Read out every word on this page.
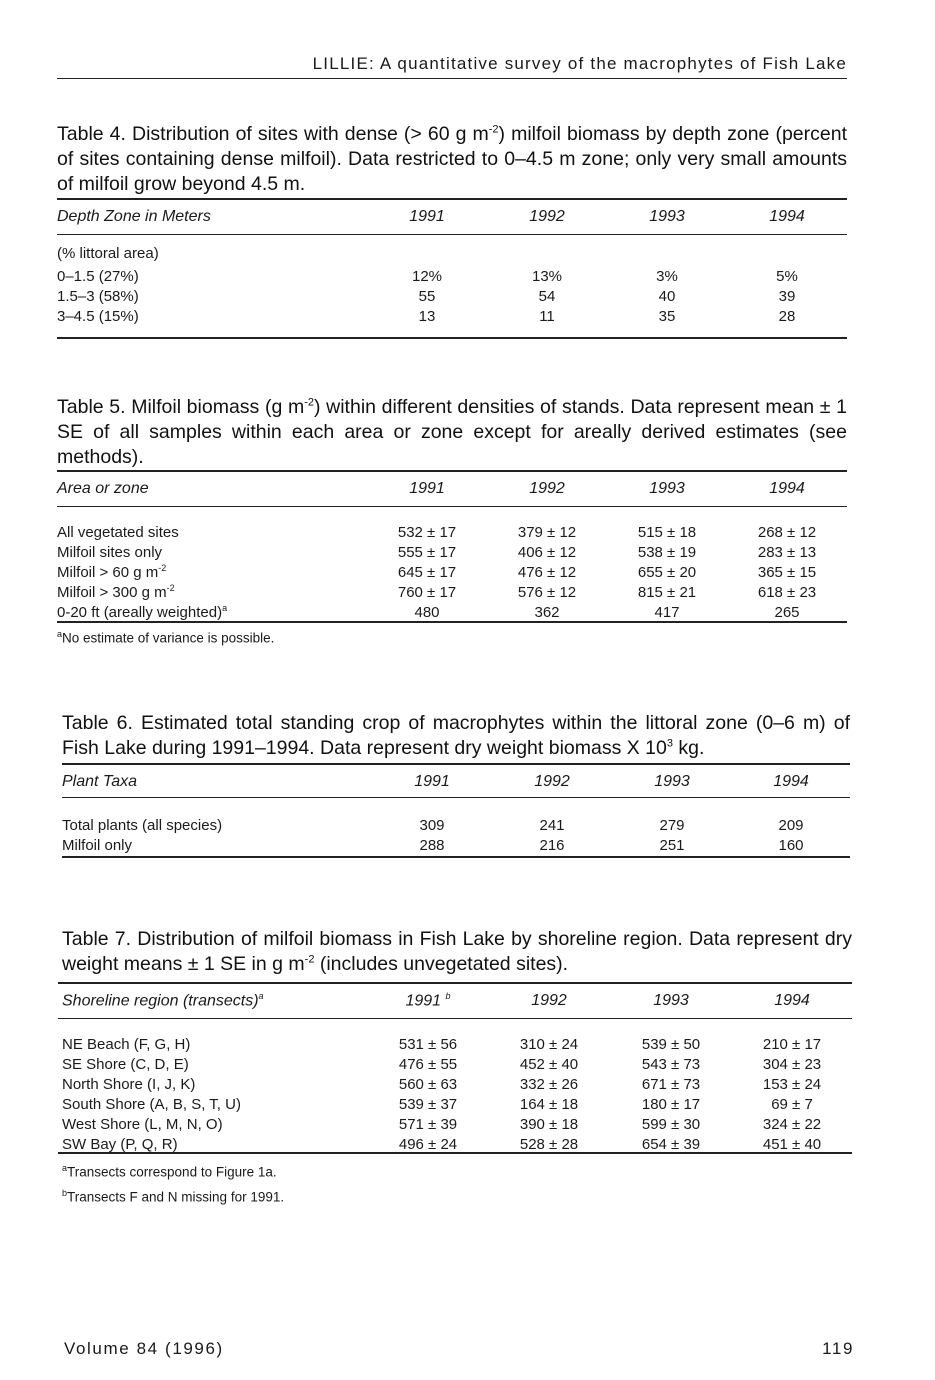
LILLIE: A quantitative survey of the macrophytes of Fish Lake
Table 4. Distribution of sites with dense (> 60 g $m^{-2}$) milfoil biomass by depth zone (percent of sites containing dense milfoil). Data restricted to 0–4.5 m zone; only very small amounts of milfoil grow beyond 4.5 m.
Depth Zone in Meters	1991	1992	1993	1994
(% littoral area)				
0–1.5 (27%)	12%	13%	3%	5%
1.5–3 (58%)	55	54	40	39
3–4.5 (15%)	13	11	35	28
Table 5. Milfoil biomass (g $m^{-2}$) within different densities of stands. Data represent mean ± 1 SE of all samples within each area or zone except for areally derived estimates (see methods).
Area or zone	1991	1992	1993	1994

All vegetated sites	532 ± 17	379 ± 12	515 ± 18	268 ± 12
Milfoil sites only	555 ± 17	406 ± 12	538 ± 19	283 ± 13
Milfoil > 60 g $m^{-2}$	645 ± 17	476 ± 12	655 ± 20	365 ± 15
Milfoil > 300 g $m^{-2}$	760 ± 17	576 ± 12	815 ± 21	618 ± 23
0-20 ft (areally weighted)$^a$	480	362	417	265
$^a$No estimate of variance is possible.
Table 6. Estimated total standing crop of macrophytes within the littoral zone (0–6 m) of Fish Lake during 1991–1994. Data represent dry weight biomass X $10^3$ kg.
Plant Taxa	1991	1992	1993	1994

Total plants (all species)	309	241	279	209
Milfoil only	288	216	251	160
Table 7. Distribution of milfoil biomass in Fish Lake by shoreline region. Data represent dry weight means ± 1 SE in g $m^{-2}$ (includes unvegetated sites).
Shoreline region (transects)$^a$	1991 $^b$	1992	1993	1994

NE Beach (F, G, H)	531 ± 56	310 ± 24	539 ± 50	210 ± 17
SE Shore (C, D, E)	476 ± 55	452 ± 40	543 ± 73	304 ± 23
North Shore (I, J, K)	560 ± 63	332 ± 26	671 ± 73	153 ± 24
South Shore (A, B, S, T, U)	539 ± 37	164 ± 18	180 ± 17	69 ± 7
West Shore (L, M, N, O)	571 ± 39	390 ± 18	599 ± 30	324 ± 22
SW Bay (P, Q, R)	496 ± 24	528 ± 28	654 ± 39	451 ± 40
$^a$Transects correspond to Figure 1a.
$^b$Transects F and N missing for 1991.
Volume 84 (1996)	119
